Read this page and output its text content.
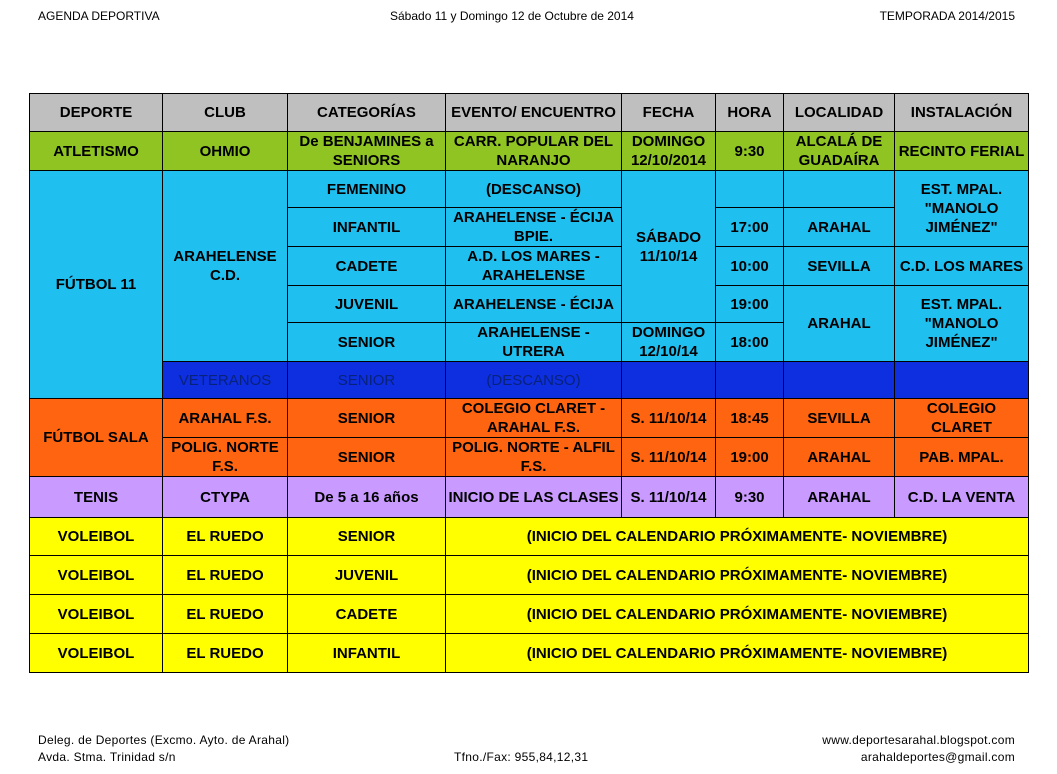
AGENDA DEPORTIVA	Sábado 11 y Domingo 12 de Octubre de 2014	TEMPORADA 2014/2015
DEPORTE	CLUB	CATEGORÍAS	EVENTO/ ENCUENTRO	FECHA	HORA	LOCALIDAD	INSTALACIÓN
ATLETISMO	OHMIO	De BENJAMINES a SENIORS	CARR. POPULAR DEL NARANJO	DOMINGO 12/10/2014	9:30	ALCALÁ DE GUADAÍRA	RECINTO FERIAL
FÚTBOL 11	ARAHELENSE C.D.	FEMENINO	(DESCANSO)	SÁBADO 11/10/14			EST. MPAL. "MANOLO JIMÉNEZ"
		INFANTIL	ARAHELENSE - ÉCIJA BPIE.		17:00	ARAHAL	
		CADETE	A.D. LOS MARES - ARAHELENSE		10:00	SEVILLA	C.D. LOS MARES
		JUVENIL	ARAHELENSE - ÉCIJA		19:00	ARAHAL	EST. MPAL. "MANOLO JIMÉNEZ"
		SENIOR	ARAHELENSE - UTRERA	DOMINGO 12/10/14	18:00		
	VETERANOS	SENIOR	(DESCANSO)				
FÚTBOL SALA	ARAHAL F.S.	SENIOR	COLEGIO CLARET - ARAHAL F.S.	S. 11/10/14	18:45	SEVILLA	COLEGIO CLARET
	POLIG. NORTE F.S.	SENIOR	POLIG. NORTE - ALFIL F.S.	S. 11/10/14	19:00	ARAHAL	PAB. MPAL.
TENIS	CTYPA	De 5 a 16 años	INICIO DE LAS CLASES	S. 11/10/14	9:30	ARAHAL	C.D. LA VENTA
VOLEIBOL	EL RUEDO	SENIOR	(INICIO DEL CALENDARIO PRÓXIMAMENTE- NOVIEMBRE)				
VOLEIBOL	EL RUEDO	JUVENIL	(INICIO DEL CALENDARIO PRÓXIMAMENTE- NOVIEMBRE)				
VOLEIBOL	EL RUEDO	CADETE	(INICIO DEL CALENDARIO PRÓXIMAMENTE- NOVIEMBRE)				
VOLEIBOL	EL RUEDO	INFANTIL	(INICIO DEL CALENDARIO PRÓXIMAMENTE- NOVIEMBRE)				
Deleg. de Deportes (Excmo. Ayto. de Arahal)
Avda. Stma. Trinidad s/n	Tfno./Fax: 955,84,12,31
www.deportesarahal.blogspot.com
arahaldeportes@gmail.com
